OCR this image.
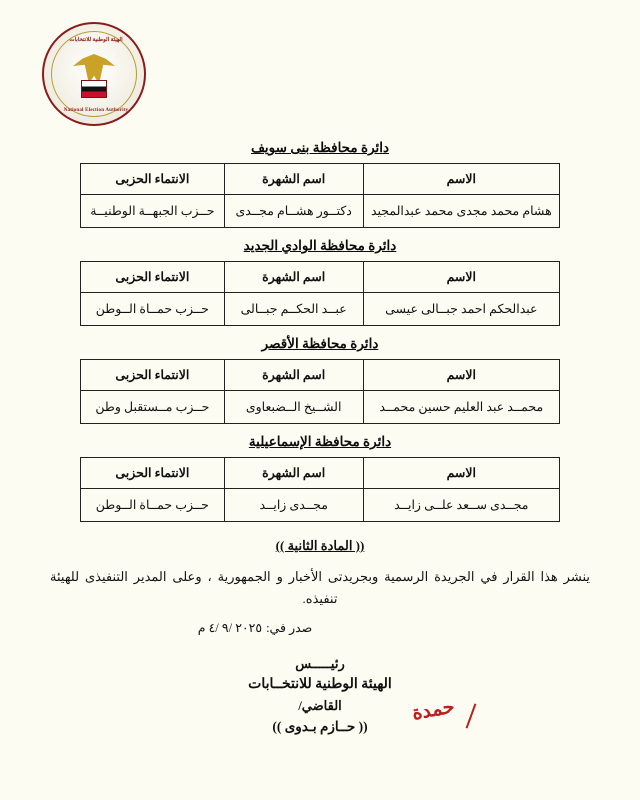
الهيئة الوطنية للانتخابات
National Election Authority
دائرة محافظة بنى سويف
الاسم	اسم الشهرة	الانتماء الحزبى
هشام محمد مجدى محمد عبدالمجيد	دكتــور هشــام مجــدى	حــزب الجبهــة الوطنيــة
دائرة محافظة الوادي الجديد
الاسم	اسم الشهرة	الانتماء الحزبى
عبدالحكم احمد جبــالى عيسى	عبــد الحكــم جبــالى	حــزب حمــاة الــوطن
دائرة محافظة الأقصر
الاسم	اسم الشهرة	الانتماء الحزبى
محمــد عبد العليم حسين محمــد	الشــيخ الــضبعاوى	حــزب مــستقبل وطن
دائرة محافظة الإسماعيلية
الاسم	اسم الشهرة	الانتماء الحزبى
مجــدى ســعد علــى زايــد	مجــدى زايــد	حــزب حمــاة الــوطن
(( المادة الثانية ))
ينشر هذا القرار في الجريدة الرسمية وبجريدتى الأخبار و الجمهورية ، وعلى المدير التنفيذى للهيئة تنفيذه.
صدر في:٢٠٢٥ /٩ /٤ م
رئيـــــس
الهيئة الوطنية للانتخــابات
القاضي/
(( حــازم بـدوى ))
حمدة
